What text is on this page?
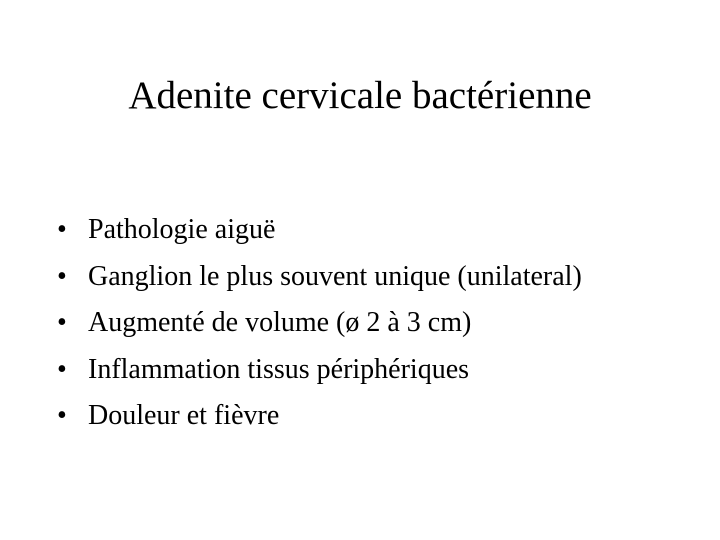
Adenite cervicale bactérienne
• Pathologie aiguë
• Ganglion le plus souvent unique (unilateral)
• Augmenté de volume (ø 2 à 3 cm)
• Inflammation tissus périphériques
• Douleur et fièvre
